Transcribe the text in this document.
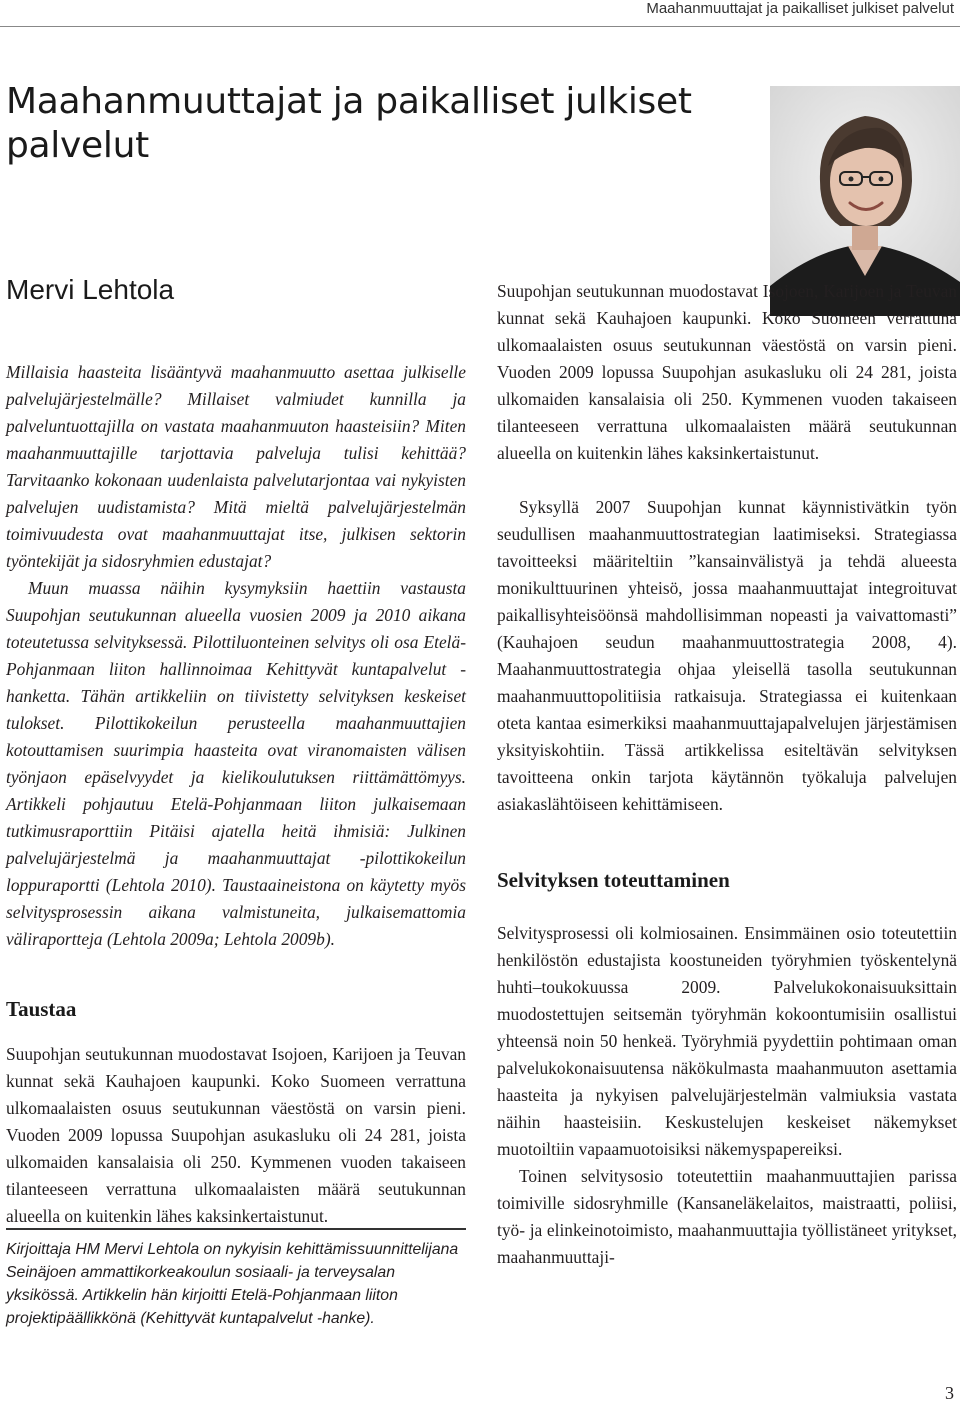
Maahanmuuttajat ja paikalliset julkiset palvelut
Maahanmuuttajat ja paikalliset julkiset palvelut
Mervi Lehtola

Millaisia haasteita lisääntyvä maahanmuutto asettaa julkiselle palvelujärjestelmälle? Millaiset valmiudet kunnilla ja palveluntuottajilla on vastata maahanmuuton haasteisiin? Miten maahanmuuttajille tarjottavia palveluja tulisi kehittää? Tarvitaanko kokonaan uudenlaista palvelutarjontaa vai nykyisten palvelujen uudistamista? Mitä mieltä palvelujärjestelmän toimivuudesta ovat maahanmuuttajat itse, julkisen sektorin työntekijät ja sidosryhmien edustajat?

Muun muassa näihin kysymyksiin haettiin vastausta Suupohjan seutukunnan alueella vuosien 2009 ja 2010 aikana toteutetussa selvityksessä. Pilottiluonteinen selvitys oli osa Etelä-Pohjanmaan liiton hallinnoimaa Kehittyvät kuntapalvelut -hanketta. Tähän artikkeliin on tiivistetty selvityksen keskeiset tulokset. Pilottikokeilun perusteella maahanmuuttajien kotouttamisen suurimpia haasteita ovat viranomaisten välisen työnjaon epäselvyydet ja kielikoulutuksen riittämättömyys. Artikkeli pohjautuu Etelä-Pohjanmaan liiton julkaisemaan tutkimusraporttiin Pitäisi ajatella heitä ihmisiä: Julkinen palvelujärjestelmä ja maahanmuuttajat -pilottikokeilun loppuraportti (Lehtola 2010). Taustaaineistona on käytetty myös selvitysprosessin aikana valmistuneita, julkaisemattomia väliraportteja (Lehtola 2009a; Lehtola 2009b).

Taustaa

Suupohjan seutukunnan muodostavat Isojoen, Karijoen ja Teuvan kunnat sekä Kauhajoen kaupunki. Koko Suomeen verrattuna ulkomaalaisten osuus seutukunnan väestöstä on varsin pieni. Vuoden 2009 lopussa Suupohjan asukasluku oli 24 281, joista ulkomaiden kansalaisia oli 250. Kymmenen vuoden takaiseen tilanteeseen verrattuna ulkomaalaisten määrä seutukunnan alueella on kuitenkin lähes kaksinkertaistunut.

Suupohjan seutukunnan muodostavat Isojoen, Karijoen ja Teuvan kunnat sekä Kauhajoen kaupunki. Koko Suomeen verrattuna ulkomaalaisten osuus seutukunnan väestöstä on varsin pieni. Vuoden 2009 lopussa Suupohjan asukasluku oli 24 281, joista ulkomaiden kansalaisia oli 250. Kymmenen vuoden takaiseen tilanteeseen verrattuna ulkomaalaisten määrä seutukunnan alueella on kuitenkin lähes kaksinkertaistunut.

Syksyllä 2007 Suupohjan kunnat käynnistivätkin työn seudullisen maahanmuuttostrategian laatimiseksi. Strategiassa tavoitteeksi määriteltiin ”kansainvälistyä ja tehdä alueesta monikulttuurinen yhteisö, jossa maahanmuuttajat integroituvat paikallisyhteisöönsä mahdollisimman nopeasti ja vaivattomasti” (Kauhajoen seudun maahanmuuttostrategia 2008, 4). Maahanmuuttostrategia ohjaa yleisellä tasolla seutukunnan maahanmuuttopolitiisia ratkaisuja. Strategiassa ei kuitenkaan oteta kantaa esimerkiksi maahanmuuttajapalvelujen järjestämisen yksityiskohtiin. Tässä artikkelissa esiteltävän selvityksen tavoitteena onkin tarjota käytännön työkaluja palvelujen asiakaslähtöiseen kehittämiseen.

Selvityksen toteuttaminen

Selvitysprosessi oli kolmiosainen. Ensimmäinen osio toteutettiin henkilöstön edustajista koostuneiden työryhmien työskentelynä huhti–toukokuussa 2009. Palvelukokonaisuuksittain muodostettujen seitsemän työryhmän kokoontumisiin osallistui yhteensä noin 50 henkeä. Työryhmiä pyydettiin pohtimaan oman palvelukokonaisuutensa näkökulmasta maahanmuuton asettamia haasteita ja nykyisen palvelujärjestelmän valmiuksia vastata näihin haasteisiin. Keskustelujen keskeiset näkemykset muotoiltiin vapaamuotoisiksi näkemyspapereiksi.

Toinen selvitysosio toteutettiin maahanmuuttajien parissa toimiville sidosryhmille (Kansaneläkelaitos, maistraatti, poliisi, työ- ja elinkeinotoimisto, maahanmuuttajia työllistäneet yritykset, maahanmuuttaji-

Kirjoittaja HM Mervi Lehtola on nykyisin kehittämissuunnittelijana Seinäjoen ammattikorkeakoulun sosiaali- ja terveysalan yksikössä. Artikkelin hän kirjoitti Etelä-Pohjanmaan liiton projektipäällikkönä (Kehittyvät kuntapalvelut -hanke).

3
